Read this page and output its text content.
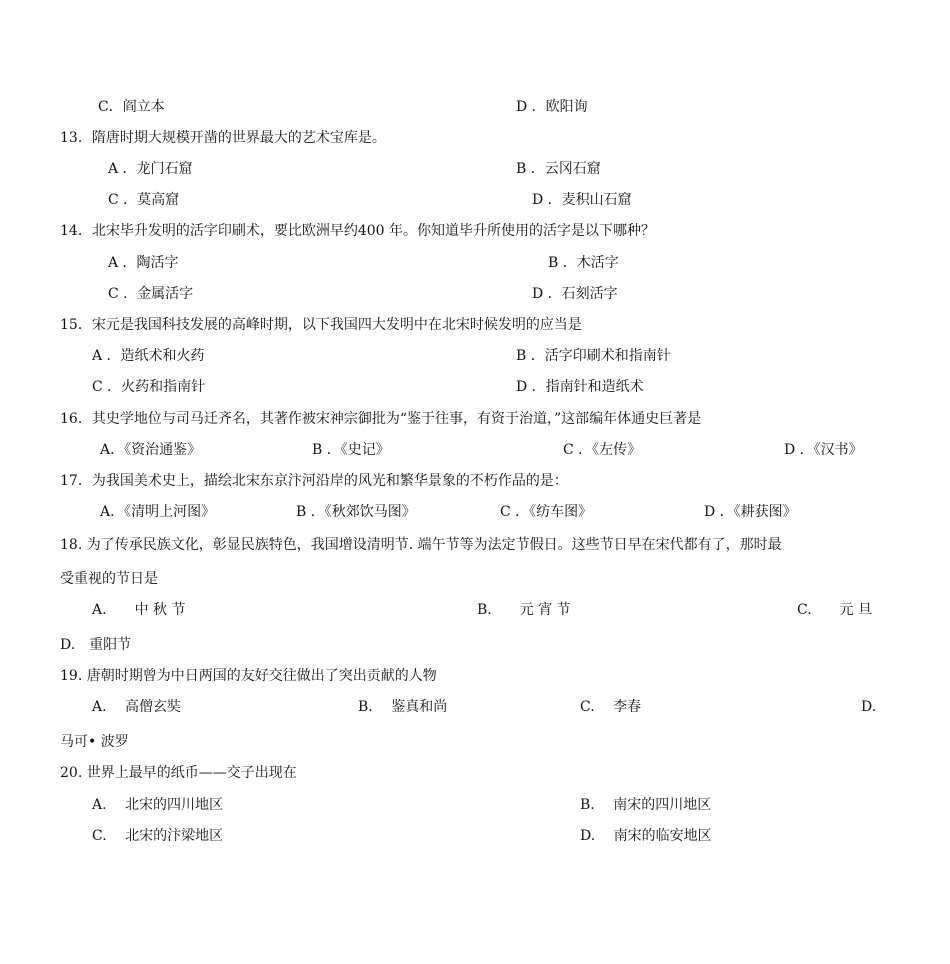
C．阎立本	D ．欧阳询
13．隋唐时期大规模开凿的世界最大的艺术宝库是。
A ．龙门石窟	B ．云冈石窟
C ．莫高窟	D ．麦积山石窟
14．北宋毕升发明的活字印刷术，要比欧洲早约400 年。你知道毕升所使用的活字是以下哪种？
A ．陶活字	B ．木活字
C ．金属活字	D ．石刻活字
15．宋元是我国科技发展的高峰时期，以下我国四大发明中在北宋时候发明的应当是
A ．造纸术和火药	B ．活字印刷术和指南针
C ．火药和指南针	D ．指南针和造纸术
16．其史学地位与司马迁齐名，其著作被宋神宗御批为“鉴于往事，有资于治道，”这部编年体通史巨著是
A．《资治通鉴》	B ．《史记》	C ．《左传》	D ．《汉书》
17．为我国美术史上，描绘北宋东京汴河沿岸的风光和繁华景象的不朽作品的是：
A．《清明上河图》	B ．《秋郊饮马图》	C ．《纺车图》	D ．《耕获图》
18. 为了传承民族文化，彰显民族特色，我国增设清明节. 端午节等为法定节假日。这些节日早在宋代都有了，那时最
受重视的节日是
A.　　中 秋 节	B.　　元 宵 节	C.　　元 旦
D.　重阳节
19. 唐朝时期曾为中日两国的友好交往做出了突出贡献的人物
A.　 高僧玄奘	B.　 鉴真和尚	C.　 李春	D.
马可• 波罗
20. 世界上最早的纸币——交子出现在
A.　 北宋的四川地区	B.　 南宋的四川地区
C.　 北宋的汴梁地区	D.　 南宋的临安地区
